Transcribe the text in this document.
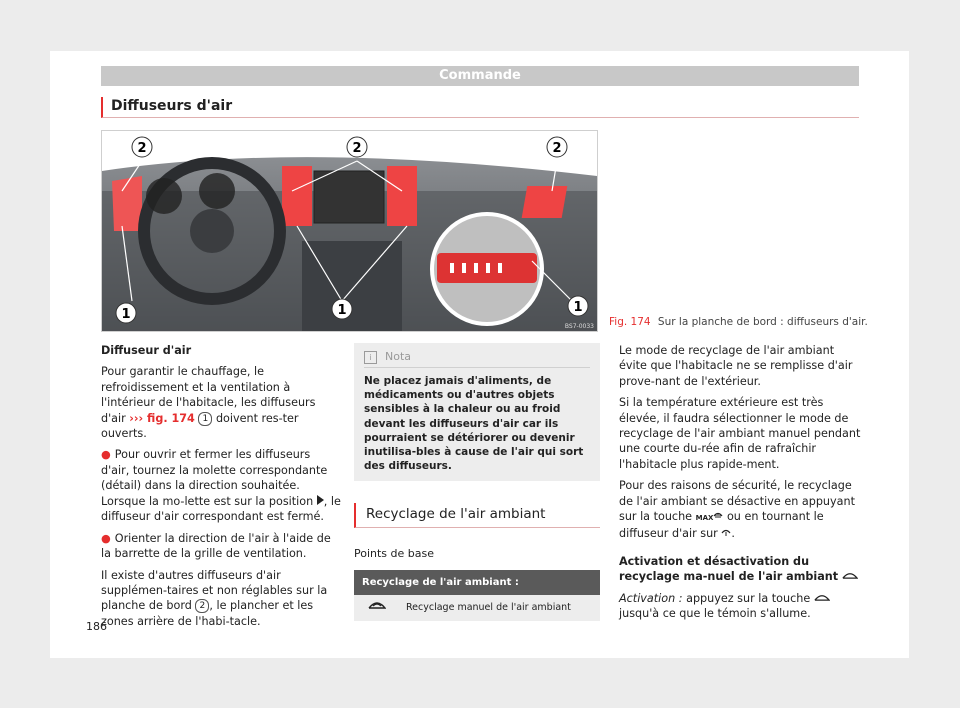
Commande
Diffuseurs d'air
2	2	2
1	1	1
BS7-0033 Fig. 174 Sur la planche de bord : diffuseurs d'air.

Diffuseur d'air

Pour garantir le chauffage, le refroidissement et la ventilation à l'intérieur de l'habitacle, les diffuseurs d'air ››› fig. 174 1 doivent res-ter ouverts.

● Pour ouvrir et fermer les diffuseurs d'air, tournez la molette correspondante (détail) dans la direction souhaitée. Lorsque la mo-lette est sur la position , le diffuseur d'air correspondant est fermé.

● Orienter la direction de l'air à l'aide de la barrette de la grille de ventilation.

Il existe d'autres diffuseurs d'air supplémen-taires et non réglables sur la planche de bord 2 , le plancher et les zones arrière de l'habi-tacle.

i Nota
Ne placez jamais d'aliments, de médicaments ou d'autres objets sensibles à la chaleur ou au froid devant les diffuseurs d'air car ils pourraient se détériorer ou devenir inutilisa-bles à cause de l'air qui sort des diffuseurs.
Recyclage de l'air ambiant
Points de base
Recyclage de l'air ambiant :
	Recyclage manuel de l'air ambiant

Le mode de recyclage de l'air ambiant évite que l'habitacle ne se remplisse d'air prove-nant de l'extérieur.

Si la température extérieure est très élevée, il faudra sélectionner le mode de recyclage de l'air ambiant manuel pendant une courte du-rée afin de rafraîchir l'habitacle plus rapide-ment.

Pour des raisons de sécurité, le recyclage de l'air ambiant se désactive en appuyant sur la touche MAX ou en tournant le diffuseur d'air sur .

Activation et désactivation du recyclage ma-nuel de l'air ambiant

Activation : appuyez sur la touche  jusqu'à ce que le témoin s'allume.

186
